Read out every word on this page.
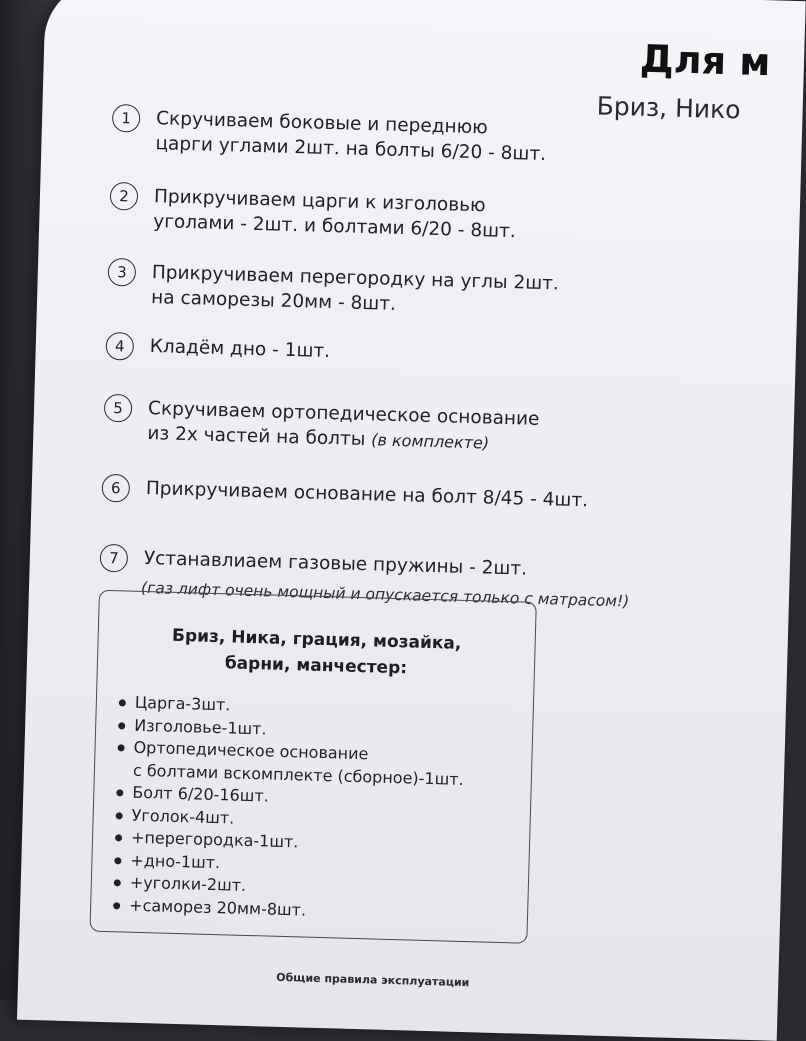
Для м
Бриз, Нико
1	Скручиваем боковые и переднюю
царги углами 2шт. на болты 6/20 - 8шт.
2	Прикручиваем царги к изголовью
уголами - 2шт. и болтами 6/20 - 8шт.
3	Прикручиваем перегородку на углы 2шт.
на саморезы 20мм - 8шт.
4	Кладём дно - 1шт.
5	Скручиваем ортопедическое основание
из 2х частей на болты (в комплекте)
6	Прикручиваем основание на болт 8/45 - 4шт.
7	Устанавлиаем газовые пружины - 2шт.
(газ лифт очень мощный и опускается только с матрасом!)
Бриз, Ника, грация, мозайка,
барни, манчестер:
Царга-3шт.
Изголовье-1шт.
Ортопедическое основание
с болтами вскомплекте (сборное)-1шт.
Болт 6/20-16шт.
Уголок-4шт.
+перегородка-1шт.
+дно-1шт.
+уголки-2шт.
+саморез 20мм-8шт.
Общие правила эксплуатации
